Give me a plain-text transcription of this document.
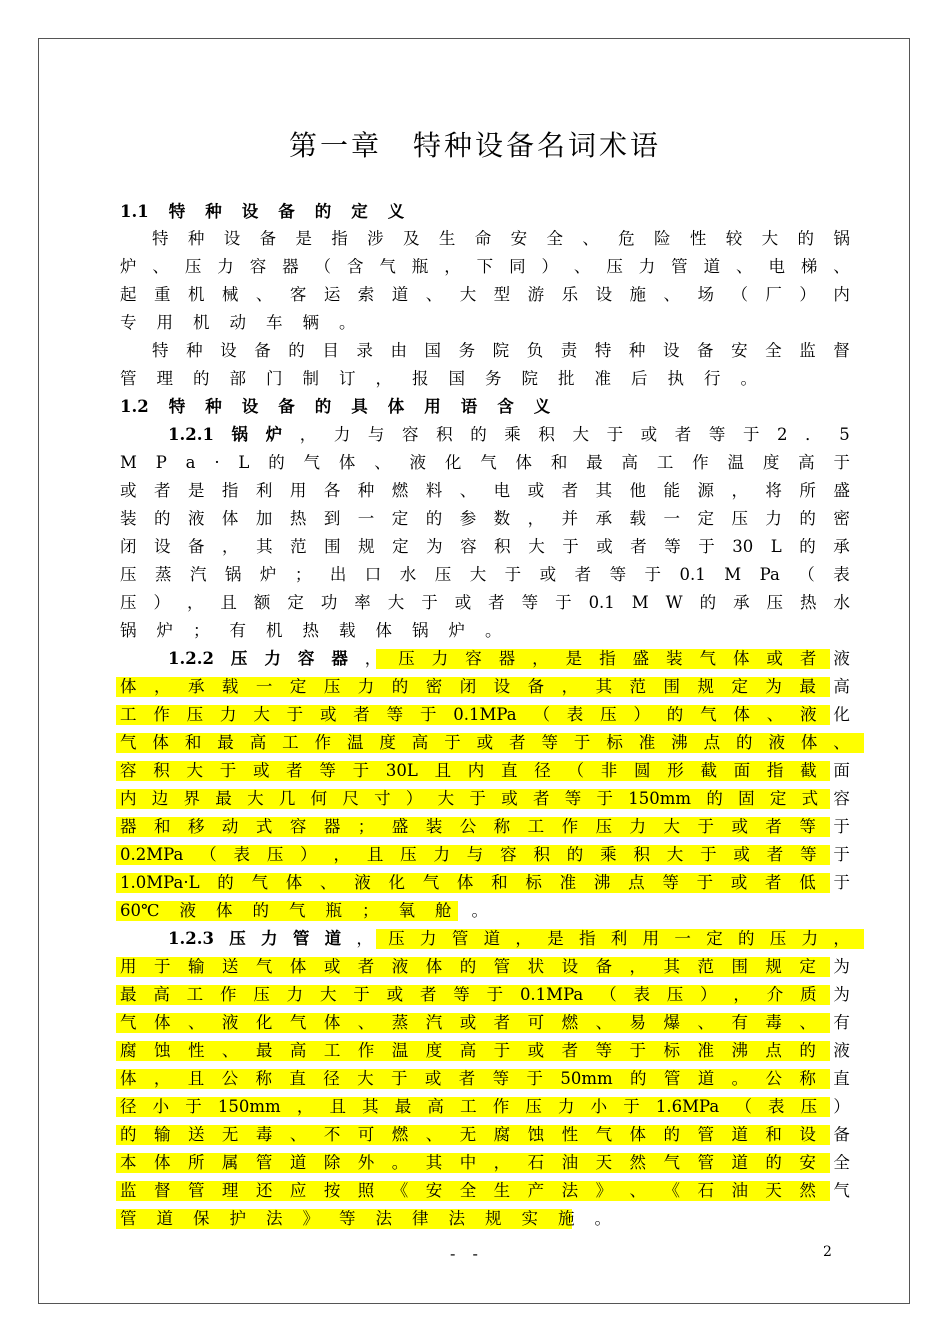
第一章　特种设备名词术语
1.1 特 种 设 备 的 定 义
特 种 设 备 是 指 涉 及 生 命 安 全 、 危 险 性 较 大 的 锅
炉 、 压 力 容 器 （ 含 气 瓶 ， 下 同 ） 、 压 力 管 道 、 电 梯 、
起 重 机 械 、 客 运 索 道 、 大 型 游 乐 设 施 、 场 （ 厂 ） 内
专 用 机 动 车 辆 。
特 种 设 备 的 目 录 由 国 务 院 负 责 特 种 设 备 安 全 监 督
管 理 的 部 门 制 订 ， 报 国 务 院 批 准 后 执 行 。
1.2 特 种 设 备 的 具 体 用 语 含 义
1.2.1 锅 炉 ， 力 与 容 积 的 乘 积 大 于 或 者 等 于 2 ． 5
M P a · L 的 气 体 、 液 化 气 体 和 最 高 工 作 温 度 高 于
或 者 是 指 利 用 各 种 燃 料 、 电 或 者 其 他 能 源 ， 将 所 盛
装 的 液 体 加 热 到 一 定 的 参 数 ， 并 承 载 一 定 压 力 的 密
闭 设 备 ， 其 范 围 规 定 为 容 积 大 于 或 者 等 于 30 L 的 承
压 蒸 汽 锅 炉 ； 出 口 水 压 大 于 或 者 等 于 0.1 M Pa （ 表
压 ） ， 且 额 定 功 率 大 于 或 者 等 于 0.1 M W 的 承 压 热 水
锅 炉 ； 有 机 热 载 体 锅 炉 。
1.2.2 压 力 容 器 ， 压 力 容 器 ， 是 指 盛 装 气 体 或 者 液
体 ， 承 载 一 定 压 力 的 密 闭 设 备 ， 其 范 围 规 定 为 最 高
工 作 压 力 大 于 或 者 等 于 0.1MPa （ 表 压 ） 的 气 体 、 液 化
气 体 和 最 高 工 作 温 度 高 于 或 者 等 于 标 准 沸 点 的 液 体 、
容 积 大 于 或 者 等 于 30L 且 内 直 径 （ 非 圆 形 截 面 指 截 面
内 边 界 最 大 几 何 尺 寸 ） 大 于 或 者 等 于 150mm 的 固 定 式 容
器 和 移 动 式 容 器 ； 盛 装 公 称 工 作 压 力 大 于 或 者 等 于
0.2MPa （ 表 压 ） ， 且 压 力 与 容 积 的 乘 积 大 于 或 者 等 于
1.0MPa·L 的 气 体 、 液 化 气 体 和 标 准 沸 点 等 于 或 者 低 于
60℃ 液 体 的 气 瓶 ； 氧 舱 。
1.2.3 压 力 管 道 ， 压 力 管 道 ， 是 指 利 用 一 定 的 压 力 ，
用 于 输 送 气 体 或 者 液 体 的 管 状 设 备 ， 其 范 围 规 定 为
最 高 工 作 压 力 大 于 或 者 等 于 0.1MPa （ 表 压 ） ， 介 质 为
气 体 、 液 化 气 体 、 蒸 汽 或 者 可 燃 、 易 爆 、 有 毒 、 有
腐 蚀 性 、 最 高 工 作 温 度 高 于 或 者 等 于 标 准 沸 点 的 液
体 ， 且 公 称 直 径 大 于 或 者 等 于 50mm 的 管 道 。 公 称 直
径 小 于 150mm ， 且 其 最 高 工 作 压 力 小 于 1.6MPa （ 表 压 ）
的 输 送 无 毒 、 不 可 燃 、 无 腐 蚀 性 气 体 的 管 道 和 设 备
本 体 所 属 管 道 除 外 。 其 中 ， 石 油 天 然 气 管 道 的 安 全
监 督 管 理 还 应 按 照 《 安 全 生 产 法 》 、 《 石 油 天 然 气
管 道 保 护 法 》 等 法 律 法 规 实 施 。
- -	2
